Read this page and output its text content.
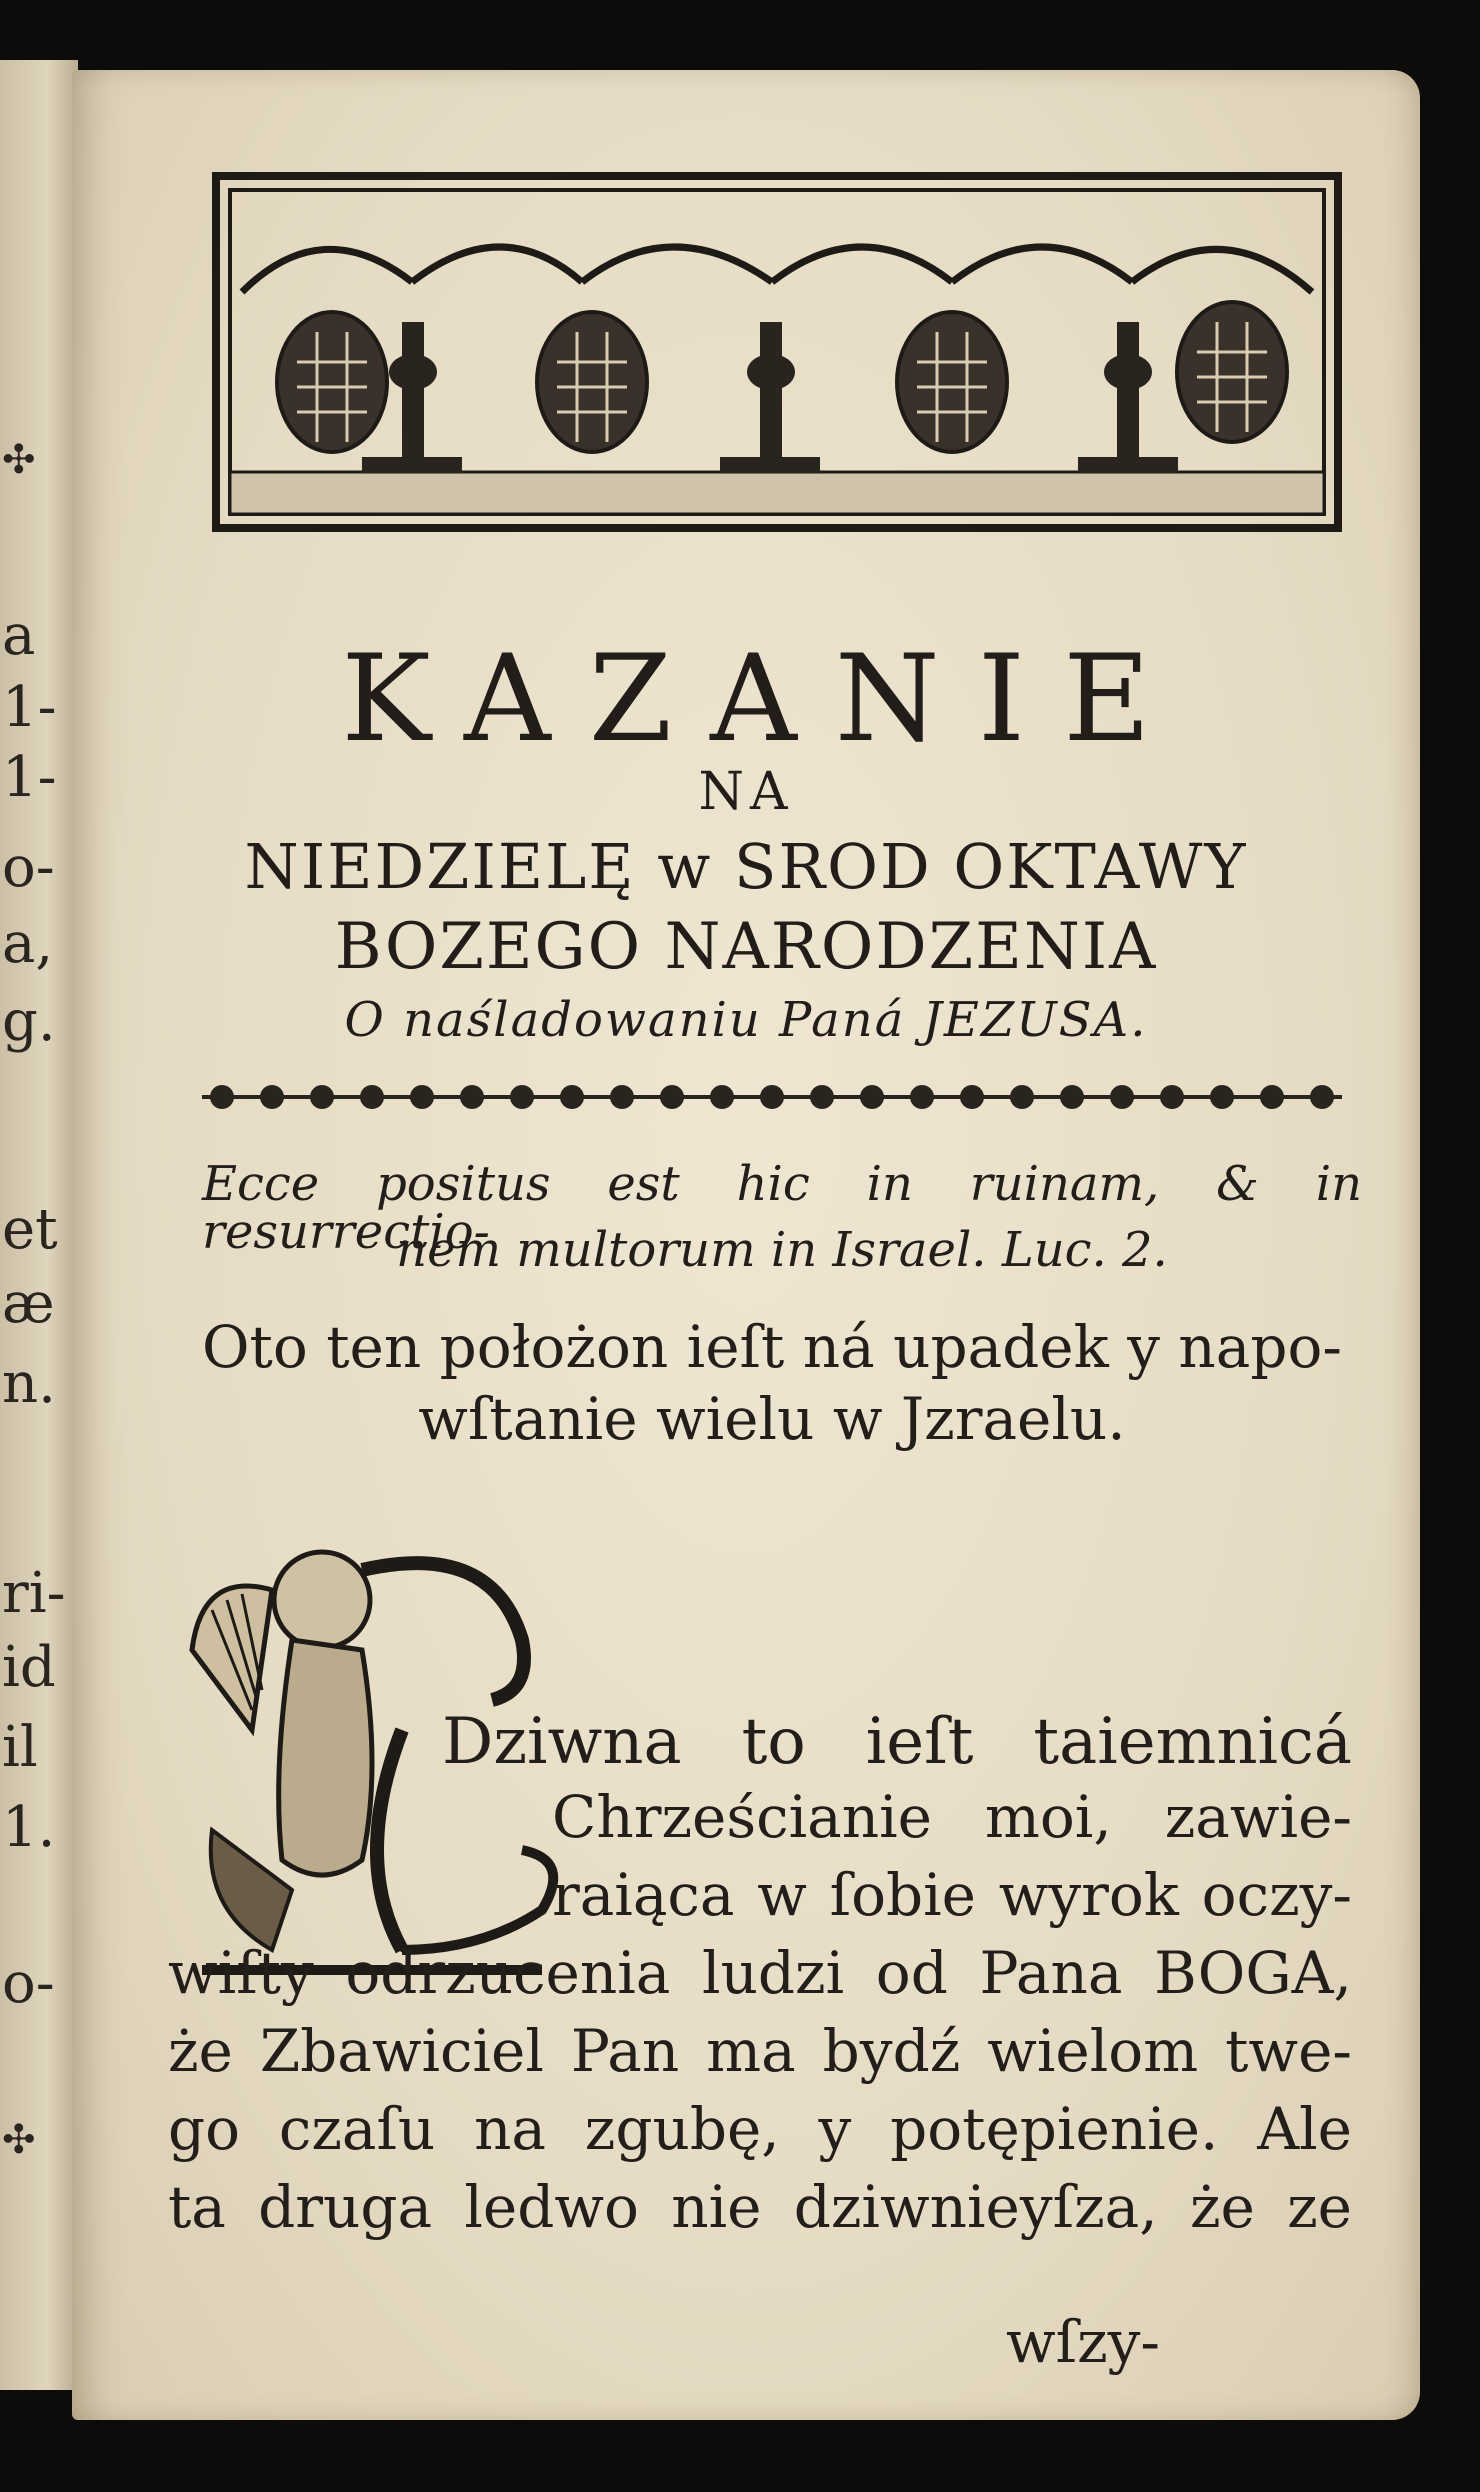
a
1-
1-
o-
a,
g.
et
æ
n.
ri-
id
il
1.
o-
✣
✣
KAZANIE

NA

NIEDZIELĘ w SROD OKTAWY

BOZEGO NARODZENIA

O naśladowaniu Paná JEZUSA.

Ecce positus est hic in ruinam, & in resurrectio-

nem multorum in Israel. Luc. 2.

Oto ten położon ieſt ná upadek y napo-

wſtanie wielu w Jzraelu.

Dziwna to ieſt taiemnicá

Chrześcianie moi, zawie-

raiąca w ſobie wyrok oczy-

wiſty odrzucenia ludzi od Pana BOGA,

że Zbawiciel Pan ma bydź wielom twe-

go czaſu na zgubę, y potępienie. Ale

ta druga ledwo nie dziwnieyſza, że ze

wſzy-
